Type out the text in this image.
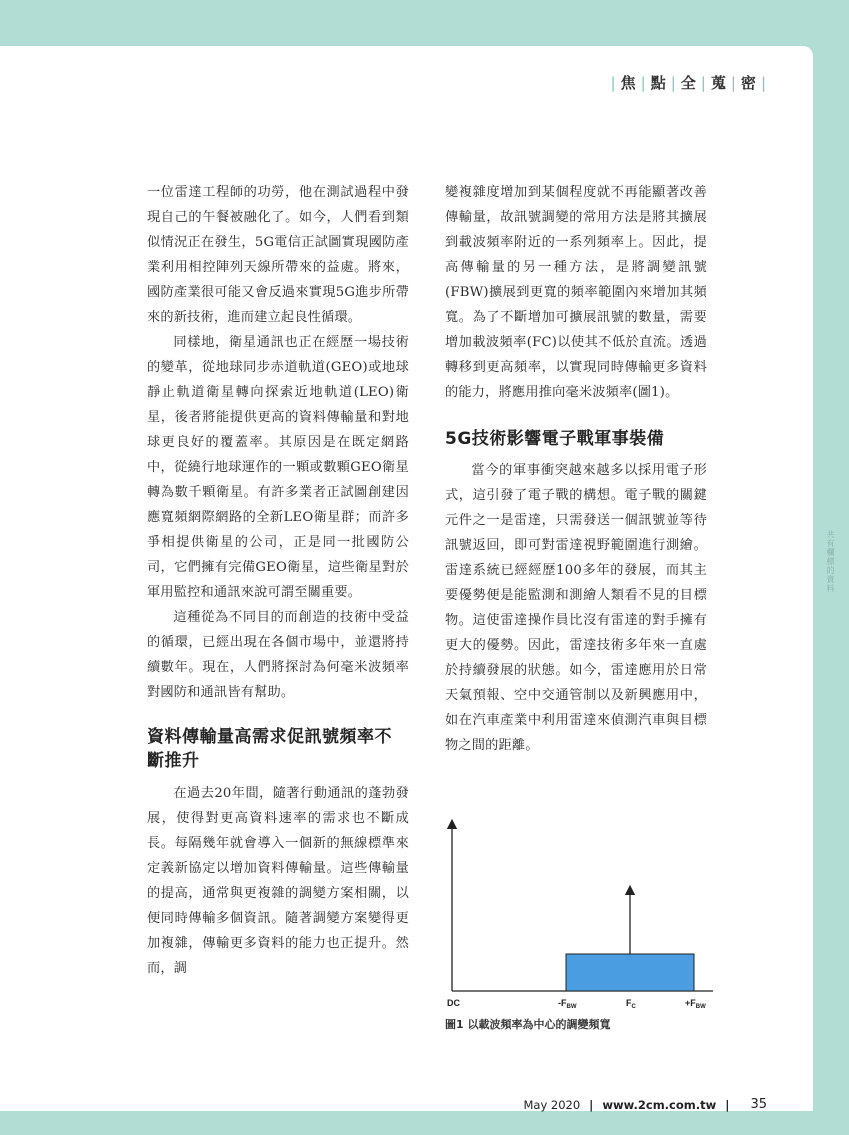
| 焦 | 點 | 全 | 蒐 | 密 |

一位雷達工程師的功勞，他在測試過程中發現自己的午餐被融化了。如今，人們看到類似情況正在發生，5G電信正試圖實現國防產業利用相控陣列天線所帶來的益處。將來，國防產業很可能又會反過來實現5G進步所帶來的新技術，進而建立起良性循環。

同樣地，衛星通訊也正在經歷一場技術的變革，從地球同步赤道軌道(GEO)或地球靜止軌道衛星轉向探索近地軌道(LEO)衛星，後者將能提供更高的資料傳輸量和對地球更良好的覆蓋率。其原因是在既定網路中，從繞行地球運作的一顆或數顆GEO衛星轉為數千顆衛星。有許多業者正試圖創建因應寬頻網際網路的全新LEO衛星群；而許多爭相提供衛星的公司，正是同一批國防公司，它們擁有完備GEO衛星，這些衛星對於軍用監控和通訊來說可謂至關重要。

這種從為不同目的而創造的技術中受益的循環，已經出現在各個市場中，並還將持續數年。現在，人們將探討為何毫米波頻率對國防和通訊皆有幫助。

資料傳輸量高需求促訊號頻率不斷推升

在過去20年間，隨著行動通訊的蓬勃發展，使得對更高資料速率的需求也不斷成長。每隔幾年就會導入一個新的無線標準來定義新協定以增加資料傳輸量。這些傳輸量的提高，通常與更複雜的調變方案相關，以便同時傳輸多個資訊。隨著調變方案變得更加複雜，傳輸更多資料的能力也正提升。然而，調

變複雜度增加到某個程度就不再能顯著改善傳輸量，故訊號調變的常用方法是將其擴展到載波頻率附近的一系列頻率上。因此，提高傳輸量的另一種方法，是將調變訊號(FBW)擴展到更寬的頻率範圍內來增加其頻寬。為了不斷增加可擴展訊號的數量，需要增加載波頻率(FC)以使其不低於直流。透過轉移到更高頻率，以實現同時傳輸更多資料的能力，將應用推向毫米波頻率(圖1)。

5G技術影響電子戰軍事裝備

當今的軍事衝突越來越多以採用電子形式，這引發了電子戰的構想。電子戰的關鍵元件之一是雷達，只需發送一個訊號並等待訊號返回，即可對雷達視野範圍進行測繪。雷達系統已經經歷100多年的發展，而其主要優勢便是能監測和測繪人類看不見的目標物。這使雷達操作員比沒有雷達的對手擁有更大的優勢。因此，雷達技術多年來一直處於持續發展的狀態。如今，雷達應用於日常天氣預報、空中交通管制以及新興應用中，如在汽車產業中利用雷達來偵測汽車與目標物之間的距離。

DC	$-F_{BW}$	$F_C$	$+F_{BW}$
圖1 以載波頻率為中心的調變頻寬
May 2020 | www.2cm.com.tw | 35
共有欄標的資料
